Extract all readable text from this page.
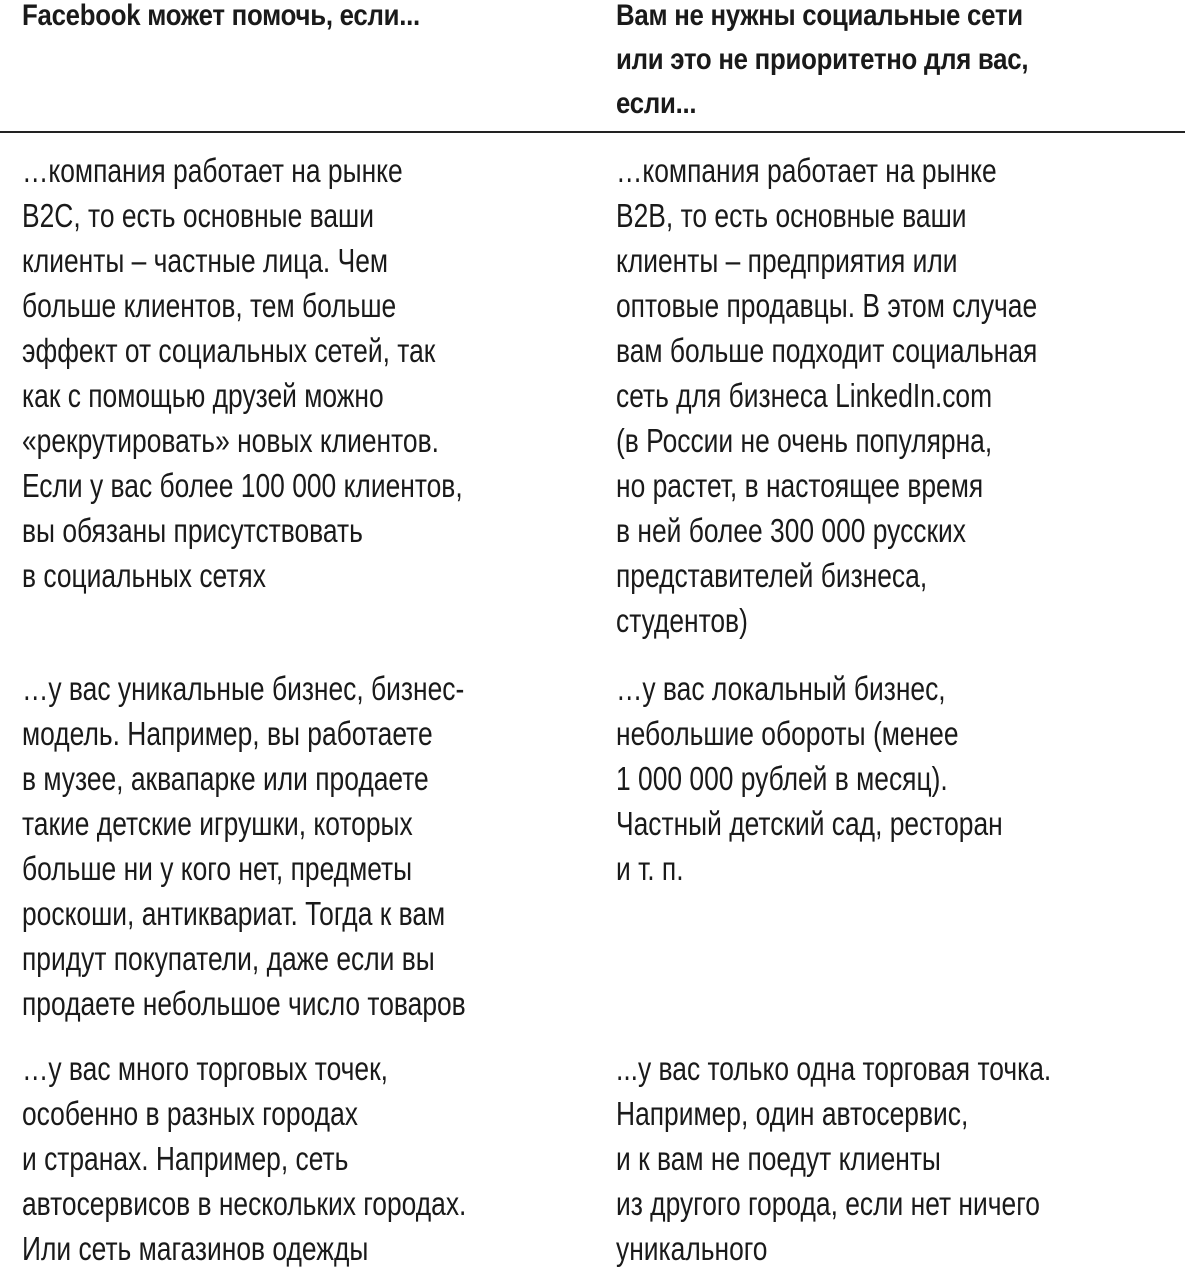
Facebook может помочь, если...	Вам не нужны социальные сети
или это не приоритетно для вас,
если...
…компания работает на рынке
B2C, то есть основные ваши
клиенты – частные лица. Чем
больше клиентов, тем больше
эффект от социальных сетей, так
как с помощью друзей можно
«рекрутировать» новых клиентов.
Если у вас более 100 000 клиентов,
вы обязаны присутствовать
в социальных сетях
…компания работает на рынке
B2B, то есть основные ваши
клиенты – предприятия или
оптовые продавцы. В этом случае
вам больше подходит социальная
сеть для бизнеса LinkedIn.com
(в России не очень популярна,
но растет, в настоящее время
в ней более 300 000 русских
представителей бизнеса,
студентов)
…у вас уникальные бизнес, бизнес-
модель. Например, вы работаете
в музее, аквапарке или продаете
такие детские игрушки, которых
больше ни у кого нет, предметы
роскоши, антиквариат. Тогда к вам
придут покупатели, даже если вы
продаете небольшое число товаров
…у вас локальный бизнес,
небольшие обороты (менее
1 000 000 рублей в месяц).
Частный детский сад, ресторан
и т. п.
…у вас много торговых точек,
особенно в разных городах
и странах. Например, сеть
автосервисов в нескольких городах.
Или сеть магазинов одежды
...у вас только одна торговая точка.
Например, один автосервис,
и к вам не поедут клиенты
из другого города, если нет ничего
уникального
